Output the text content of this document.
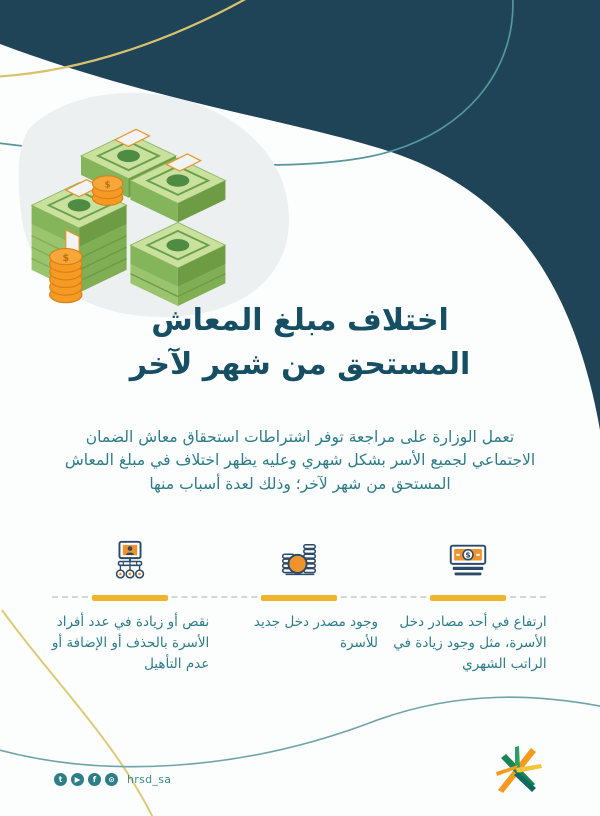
$
$
اختلاف مبلغ المعاش
المستحق من شهر لآخر
تعمل الوزارة على مراجعة توفر اشتراطات استحقاق معاش الضمان الاجتماعي لجميع الأسر بشكل شهري وعليه يظهر اختلاف في مبلغ المعاش المستحق من شهر لآخر؛ وذلك لعدة أسباب منها
$
ارتفاع في أحد مصادر دخل الأسرة، مثل وجود زيادة في الراتب الشهري
وجود مصدر دخل جديد للأسرة
نقص أو زيادة في عدد أفراد الأسرة بالحذف أو الإضافة أو عدم التأهيل
t	▶	f	⊙	hrsd_sa
